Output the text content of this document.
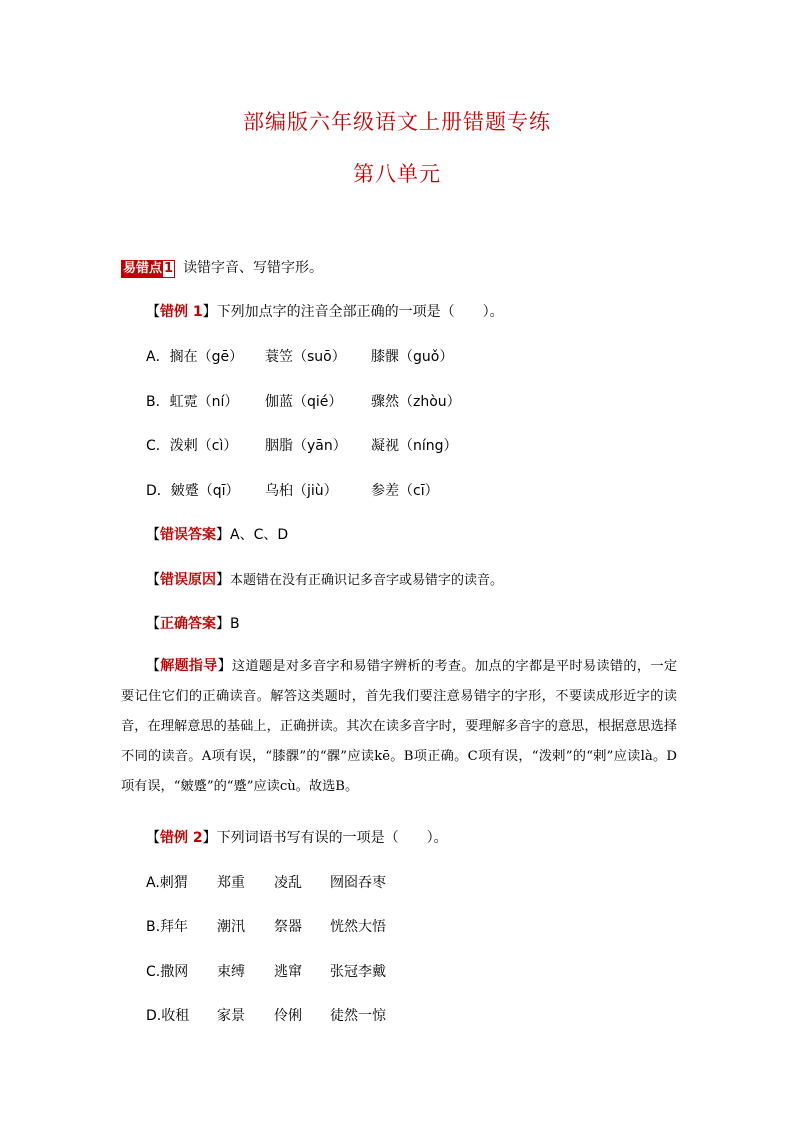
部编版六年级语文上册错题专练
第八单元
易错点 1 读错字音、写错字形。
【错例 1】下列加点字的注音全部正确的一项是（　　）。
A．搁在（gē） 蓑笠（suō） 膝髁（guǒ）
B．虹霓（ní） 伽蓝（qié） 骤然（zhòu）
C．泼剌（cì） 胭脂（yān） 凝视（níng）
D．皴蹙（qī） 乌桕（jiù） 参差（cī）
【错误答案】A、C、D
【错误原因】本题错在没有正确识记多音字或易错字的读音。
【正确答案】B
【解题指导】这道题是对多音字和易错字辨析的考查。加点的字都是平时易读错的，一定要记住它们的正确读音。解答这类题时，首先我们要注意易错字的字形，不要读成形近字的读音，在理解意思的基础上，正确拼读。其次在读多音字时，要理解多音字的意思，根据意思选择不同的读音。A项有误，“膝髁”的“髁”应读kē。B项正确。C项有误，“泼剌”的“剌”应读là。D项有误，“皴蹙”的“蹙”应读cù。故选B。
【错例 2】下列词语书写有误的一项是（　　）。
A.刺猬 郑重 凌乱 囫囵吞枣
B.拜年 潮汛 祭器 恍然大悟
C.撒网 束缚 逃窜 张冠李戴
D.收租 家景 伶俐 徒然一惊
